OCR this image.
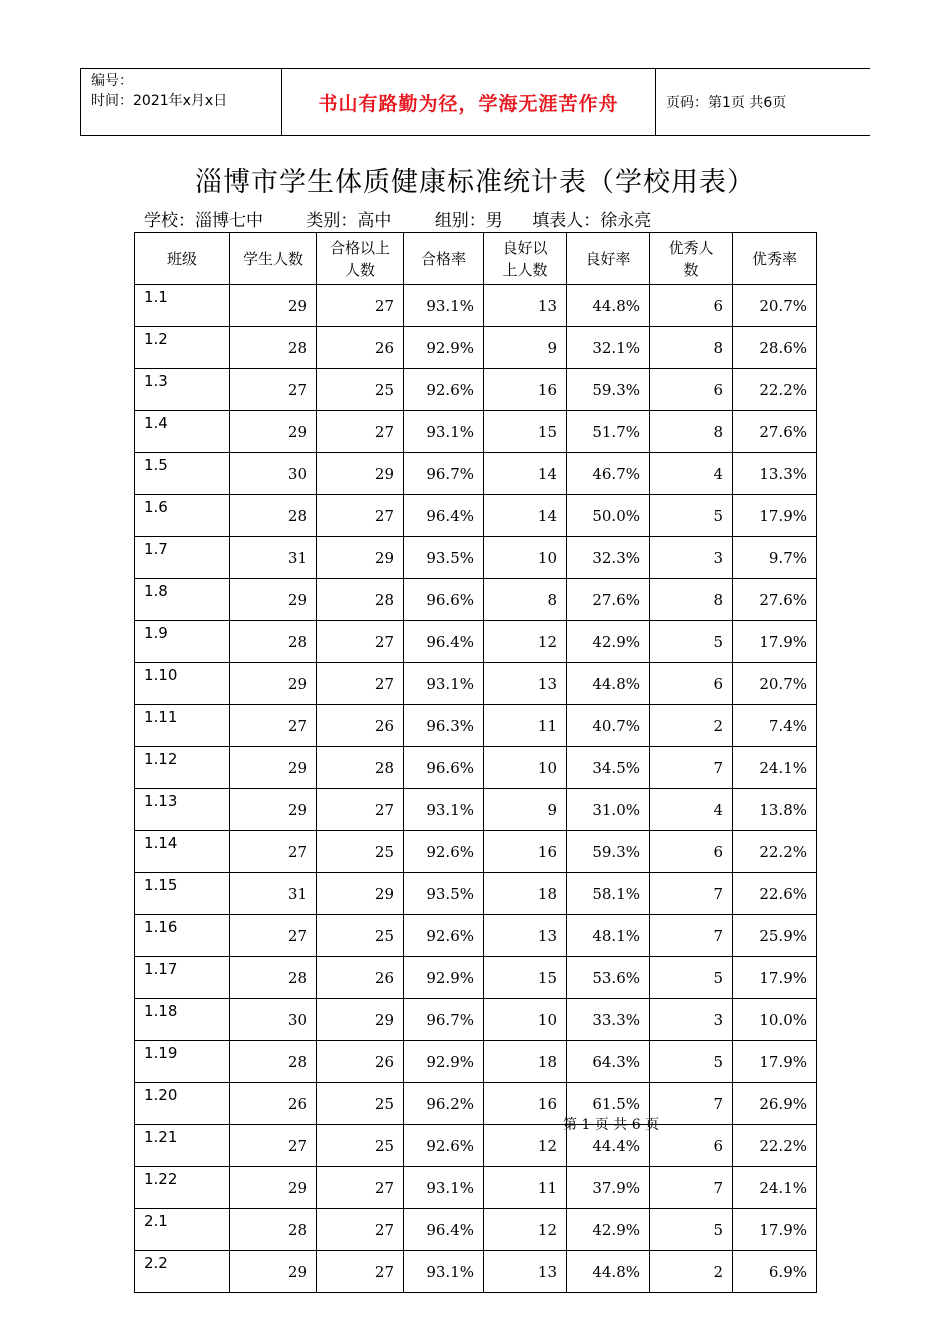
编号：
时间：2021年x月x日	书山有路勤为径，学海无涯苦作舟	页码：第1页 共6页
淄博市学生体质健康标准统计表（学校用表）
学校：淄博七中	类别：高中	组别：男 填表人：徐永亮
班级	学生人数	合格以上人数	合格率	良好以上人数	良好率	优秀人数	优秀率
1.1	29	27	93.1%	13	44.8%	6	20.7%
1.2	28	26	92.9%	9	32.1%	8	28.6%
1.3	27	25	92.6%	16	59.3%	6	22.2%
1.4	29	27	93.1%	15	51.7%	8	27.6%
1.5	30	29	96.7%	14	46.7%	4	13.3%
1.6	28	27	96.4%	14	50.0%	5	17.9%
1.7	31	29	93.5%	10	32.3%	3	9.7%
1.8	29	28	96.6%	8	27.6%	8	27.6%
1.9	28	27	96.4%	12	42.9%	5	17.9%
1.10	29	27	93.1%	13	44.8%	6	20.7%
1.11	27	26	96.3%	11	40.7%	2	7.4%
1.12	29	28	96.6%	10	34.5%	7	24.1%
1.13	29	27	93.1%	9	31.0%	4	13.8%
1.14	27	25	92.6%	16	59.3%	6	22.2%
1.15	31	29	93.5%	18	58.1%	7	22.6%
1.16	27	25	92.6%	13	48.1%	7	25.9%
1.17	28	26	92.9%	15	53.6%	5	17.9%
1.18	30	29	96.7%	10	33.3%	3	10.0%
1.19	28	26	92.9%	18	64.3%	5	17.9%
1.20	26	25	96.2%	16	61.5%	7	26.9%
1.21	27	25	92.6%	12	44.4%	6	22.2%
1.22	29	27	93.1%	11	37.9%	7	24.1%
2.1	28	27	96.4%	12	42.9%	5	17.9%
2.2	29	27	93.1%	13	44.8%	2	6.9%
第 1 页 共 6 页
